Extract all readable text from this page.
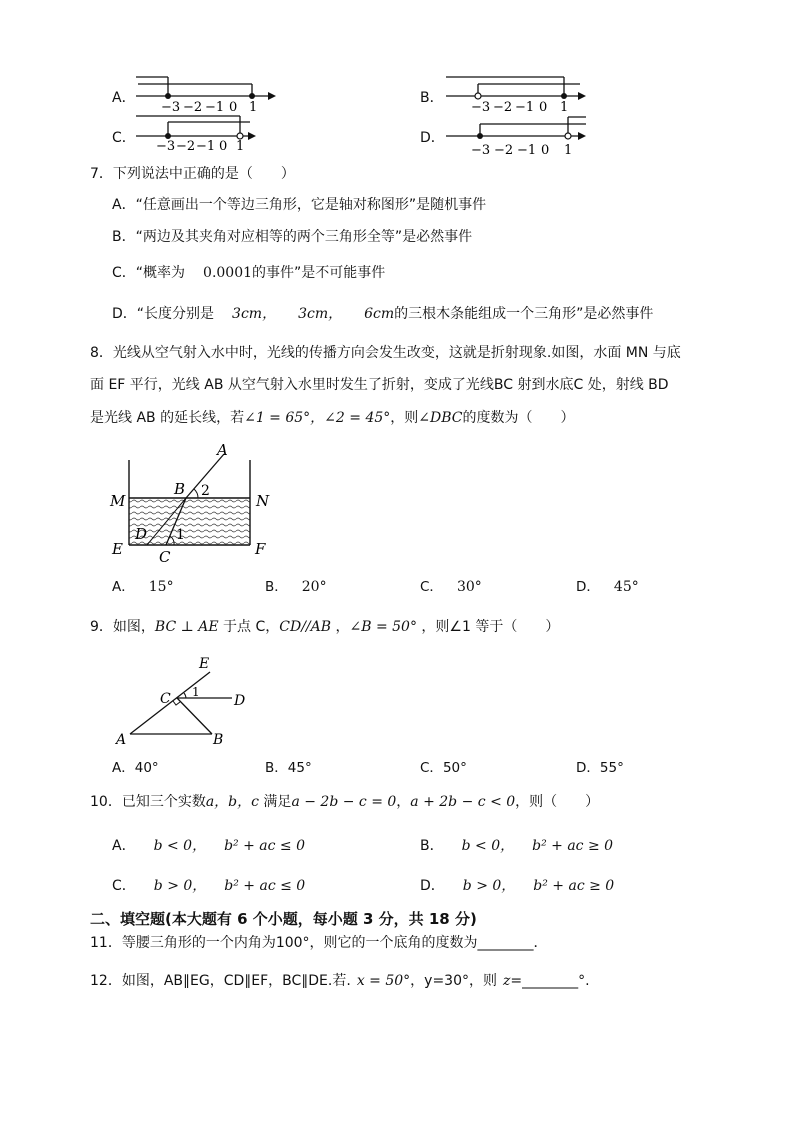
A．
−3 −2 −1 0 1
B．
−3 −2 −1 0 1
C．
−3 −2 −1 0 1
D．
−3 −2 −1 0 1
7．下列说法中正确的是（　　）
A．“任意画出一个等边三角形，它是轴对称图形”是随机事件
B．“两边及其夹角对应相等的两个三角形全等”是必然事件
C．“概率为 0.0001的事件”是不可能事件
D．“长度分别是 3cm， 3cm， 6cm的三根木条能组成一个三角形”是必然事件
8．光线从空气射入水中时，光线的传播方向会发生改变，这就是折射现象.如图，水面 MN 与底
面 EF 平行，光线 AB 从空气射入水里时发生了折射，变成了光线BC 射到水底C 处，射线 BD
是光线 AB 的延长线，若∠1 = 65°，∠2 = 45°，则∠DBC的度数为（　　）
A
B 2
M	N
D 1
E	F
C
A． 15°	B． 20°	C． 30°	D． 45°
9．如图，BC ⊥ AE 于点 C，CD//AB ，∠B = 50° ，则∠1 等于（　　）
E
C 1
D
A	B
A．40°	B．45°	C．50°	D．55°
10．已知三个实数a，b，c 满足a − 2b − c = 0，a + 2b − c < 0，则（　　）
A． b < 0， b² + ac ≤ 0	B． b < 0， b² + ac ≥ 0
C． b > 0， b² + ac ≤ 0	D． b > 0， b² + ac ≥ 0
二、填空题(本大题有 6 个小题，每小题 3 分，共 18 分)
11．等腰三角形的一个内角为100°，则它的一个底角的度数为________．
12．如图，AB∥EG，CD∥EF，BC∥DE.若. x = 50°，y=30°，则 z=________°.
